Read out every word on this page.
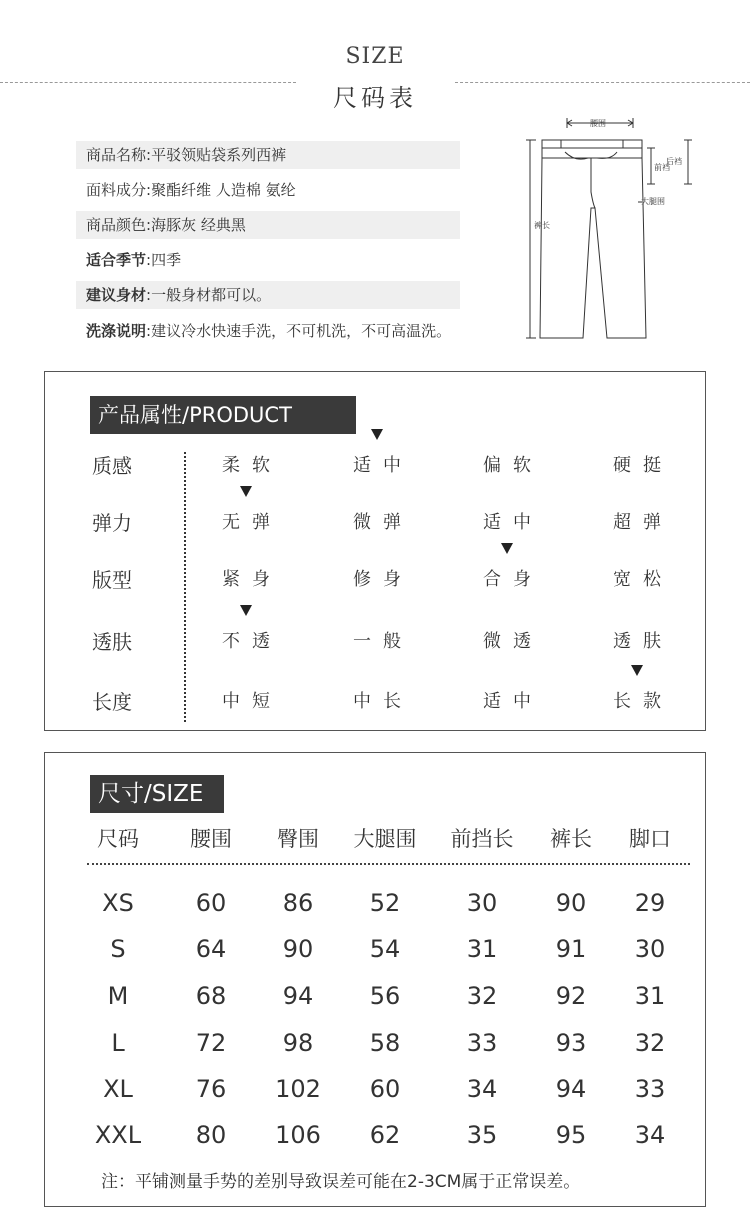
SIZE
尺码表
商品名称:平驳领贴袋系列西裤
面料成分:聚酯纤维 人造棉 氨纶
商品颜色:海豚灰 经典黑
适合季节:四季
建议身材:一般身材都可以。
洗涤说明:建议冷水快速手洗，不可机洗，不可高温洗。
腰围
前裆
后裆
大腿围
裤长
产品属性/PRODUCT
质感	柔软	适中	偏软	硬挺
弹力	无弹	微弹	适中	超弹
版型	紧身	修身	合身	宽松
透肤	不透	一般	微透	透肤
长度	中短	中长	适中	长款
尺寸/SIZE
尺码	腰围	臀围	大腿围	前挡长	裤长	脚口
XS	60	86	52	30	90	29
S	64	90	54	31	91	30
M	68	94	56	32	92	31
L	72	98	58	33	93	32
XL	76	102	60	34	94	33
XXL	80	106	62	35	95	34
注：平铺测量手势的差别导致误差可能在2-3CM属于正常误差。
